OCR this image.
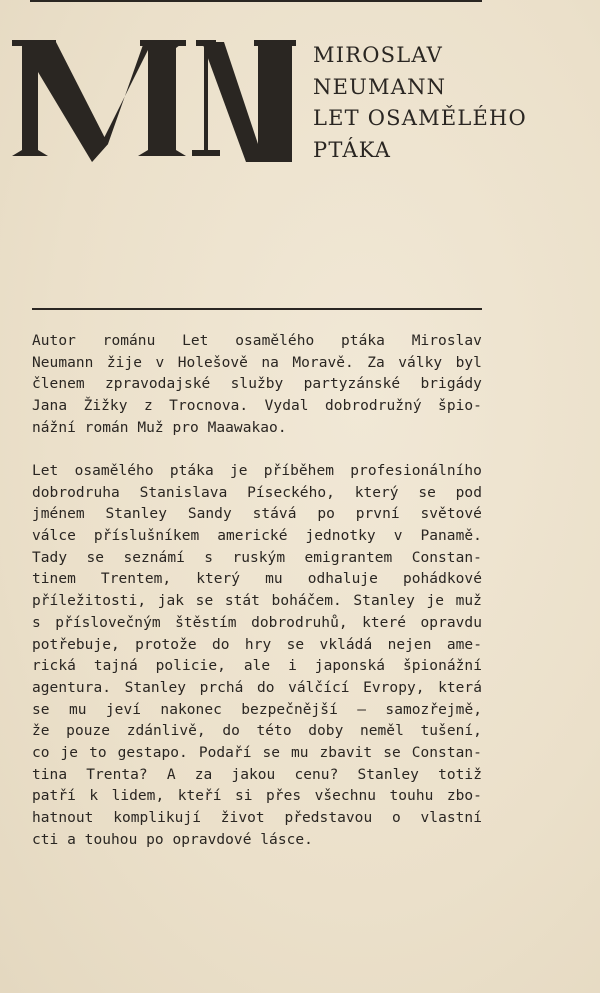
MIROSLAV
NEUMANN
LET OSAMĚLÉHO
PTÁKA
Autor románu Let osamělého ptáka Miroslav
Neumann žije v Holešově na Moravě. Za války byl
členem zpravodajské služby partyzánské brigády
Jana Žižky z Trocnova. Vydal dobrodružný špio-
nážní román Muž pro Maawakao.
Let osamělého ptáka je příběhem profesionálního
dobrodruha Stanislava Píseckého, který se pod
jménem Stanley Sandy stává po první světové
válce příslušníkem americké jednotky v Panamě.
Tady se seznámí s ruským emigrantem Constan-
tinem Trentem, který mu odhaluje pohádkové
příležitosti, jak se stát boháčem. Stanley je muž
s příslovečným štěstím dobrodruhů, které opravdu
potřebuje, protože do hry se vkládá nejen ame-
rická tajná policie, ale i japonská špionážní
agentura. Stanley prchá do válčící Evropy, která
se mu jeví nakonec bezpečnější — samozřejmě,
že pouze zdánlivě, do této doby neměl tušení,
co je to gestapo. Podaří se mu zbavit se Constan-
tina Trenta? A za jakou cenu? Stanley totiž
patří k lidem, kteří si přes všechnu touhu zbo-
hatnout komplikují život představou o vlastní
cti a touhou po opravdové lásce.
